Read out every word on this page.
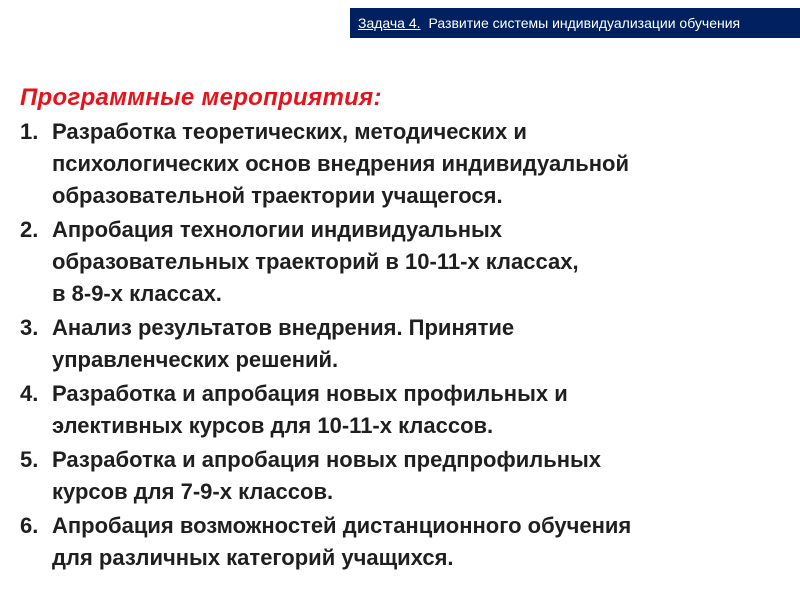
Задача 4. Развитие системы индивидуализации обучения
Программные мероприятия:
1. Разработка теоретических, методических и
психологических основ внедрения индивидуальной
образовательной траектории учащегося.
2. Апробация технологии индивидуальных
образовательных траекторий в 10-11-х классах,
в 8-9-х классах.
3. Анализ результатов внедрения. Принятие
управленческих решений.
4. Разработка и апробация новых профильных и
элективных курсов для 10-11-х классов.
5. Разработка и апробация новых предпрофильных
курсов для 7-9-х классов.
6. Апробация возможностей дистанционного обучения
для различных категорий учащихся.
